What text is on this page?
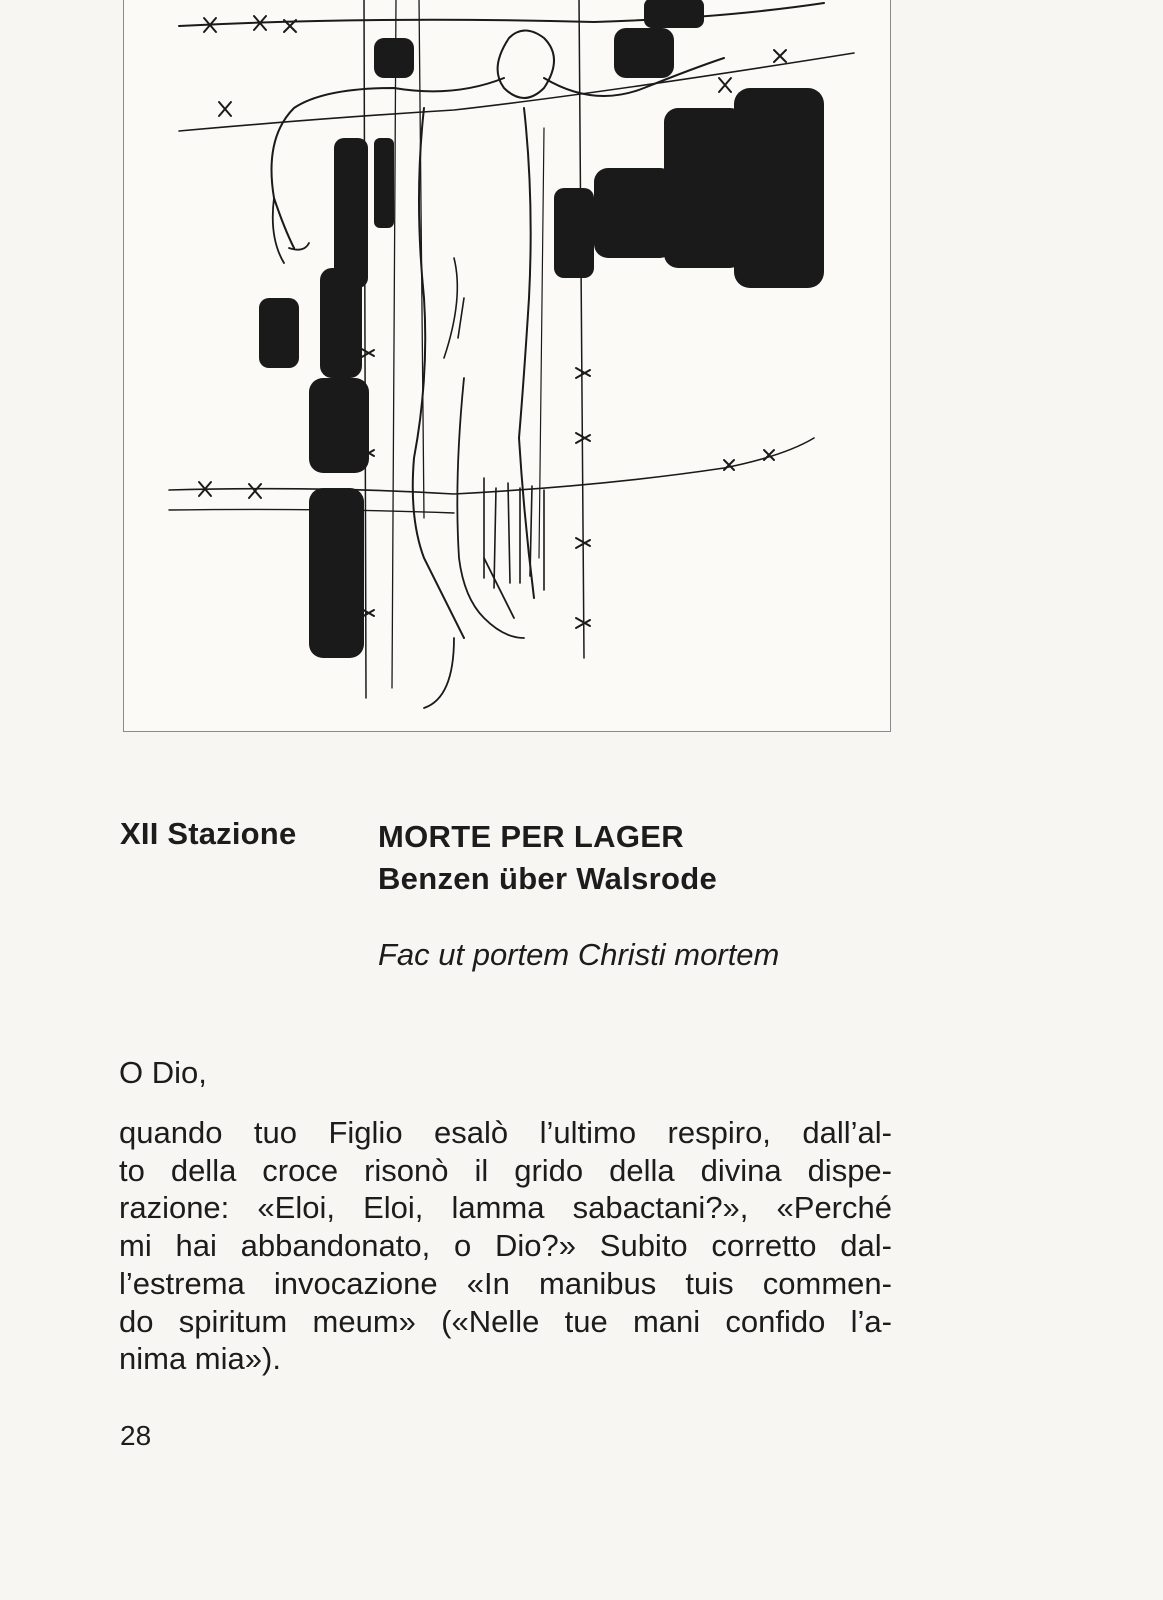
XII Stazione	MORTE PER LAGER
Benzen über Walsrode
Fac ut portem Christi mortem
O Dio,
quando tuo Figlio esalò l’ultimo respiro, dall’al-
to della croce risonò il grido della divina dispe-
razione: «Eloi, Eloi, lamma sabactani?», «Perché
mi hai abbandonato, o Dio?» Subito corretto dal-
l’estrema invocazione «In manibus tuis commen-
do spiritum meum» («Nelle tue mani confido l’a-
nima mia»).
28
